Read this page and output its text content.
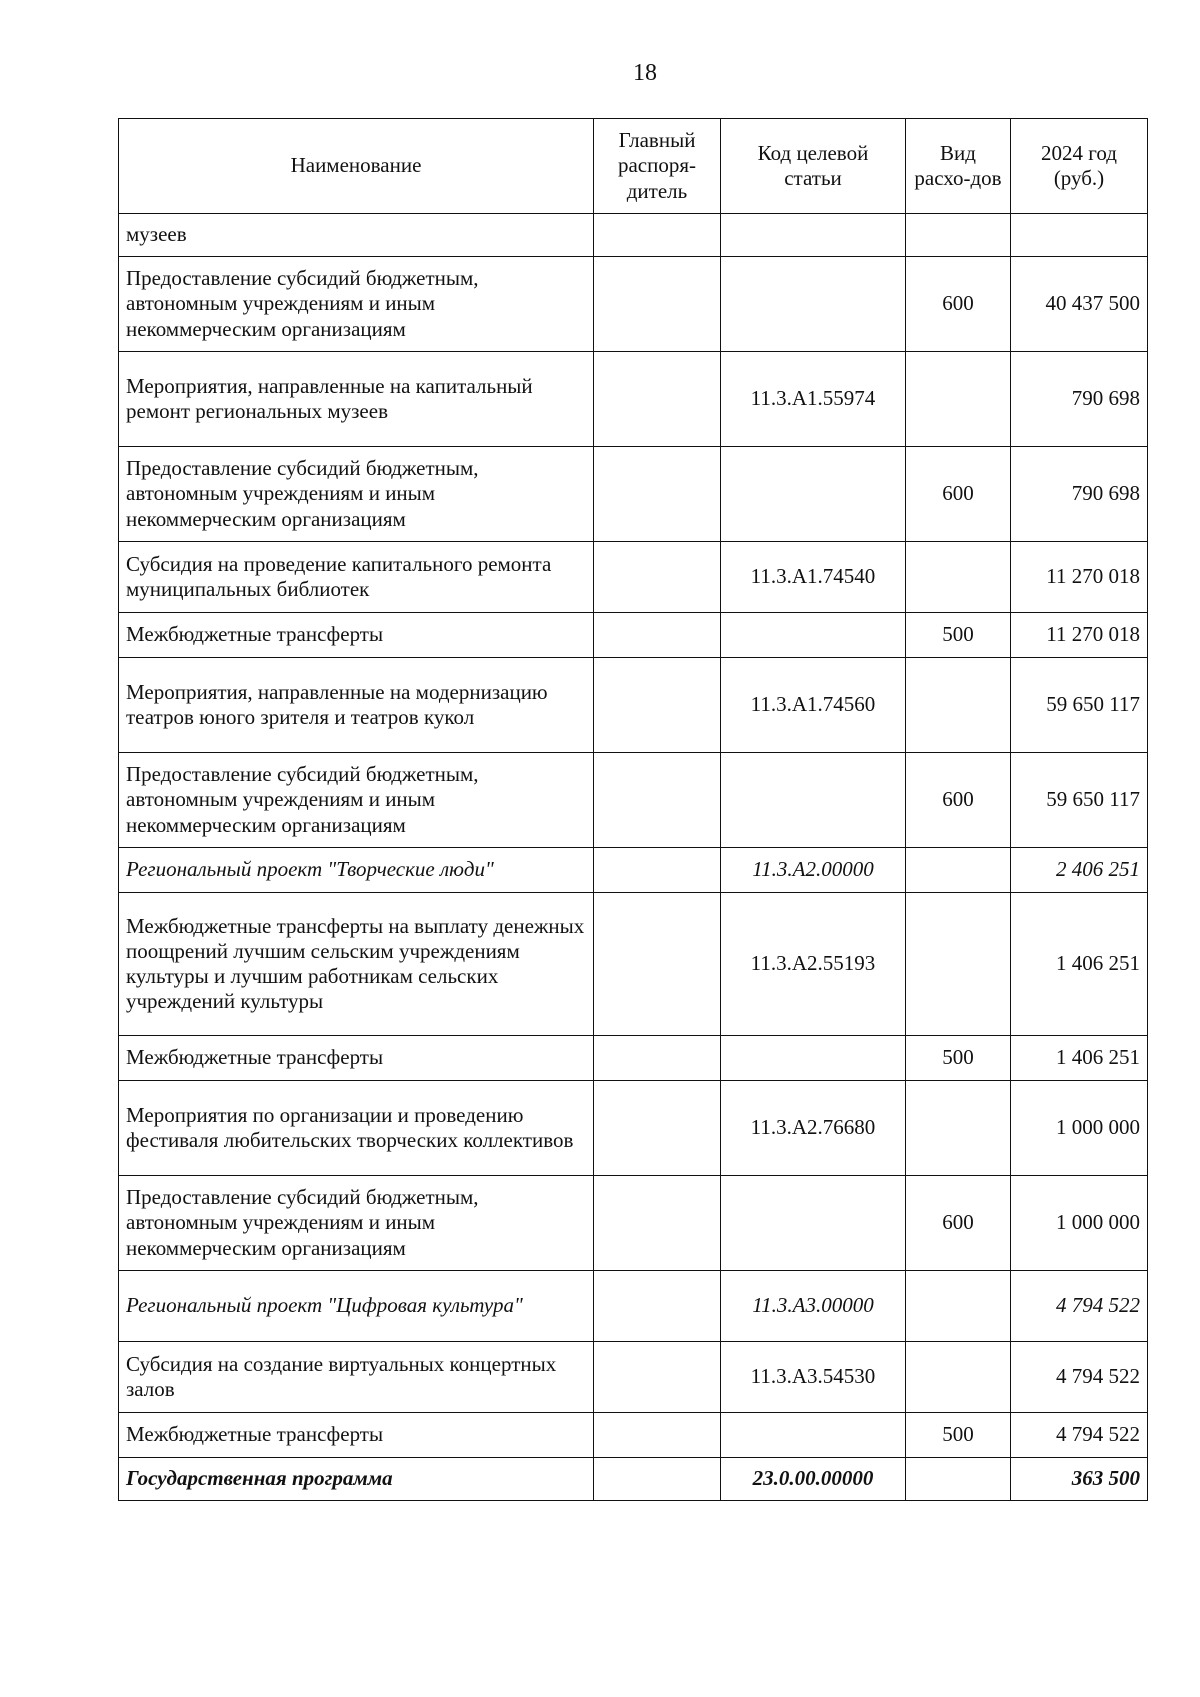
18
Наименование	Главный распоря-дитель	Код целевой статьи	Вид расхо-дов	2024 год (руб.)
музеев				
Предоставление субсидий бюджетным, автономным учреждениям и иным некоммерческим организациям			600	40 437 500
Мероприятия, направленные на капитальный ремонт региональных музеев		11.3.А1.55974		790 698
Предоставление субсидий бюджетным, автономным учреждениям и иным некоммерческим организациям			600	790 698
Субсидия на проведение капитального ремонта муниципальных библиотек		11.3.А1.74540		11 270 018
Межбюджетные трансферты			500	11 270 018
Мероприятия, направленные на модернизацию театров юного зрителя и театров кукол		11.3.А1.74560		59 650 117
Предоставление субсидий бюджетным, автономным учреждениям и иным некоммерческим организациям			600	59 650 117
Региональный проект "Творческие люди"		11.3.А2.00000		2 406 251
Межбюджетные трансферты на выплату денежных поощрений лучшим сельским учреждениям культуры и лучшим работникам сельских учреждений культуры		11.3.А2.55193		1 406 251
Межбюджетные трансферты			500	1 406 251
Мероприятия по организации и проведению фестиваля любительских творческих коллективов		11.3.А2.76680		1 000 000
Предоставление субсидий бюджетным, автономным учреждениям и иным некоммерческим организациям			600	1 000 000
Региональный проект "Цифровая культура"		11.3.А3.00000		4 794 522
Субсидия на создание виртуальных концертных залов		11.3.А3.54530		4 794 522
Межбюджетные трансферты			500	4 794 522
Государственная программа		23.0.00.00000		363 500
